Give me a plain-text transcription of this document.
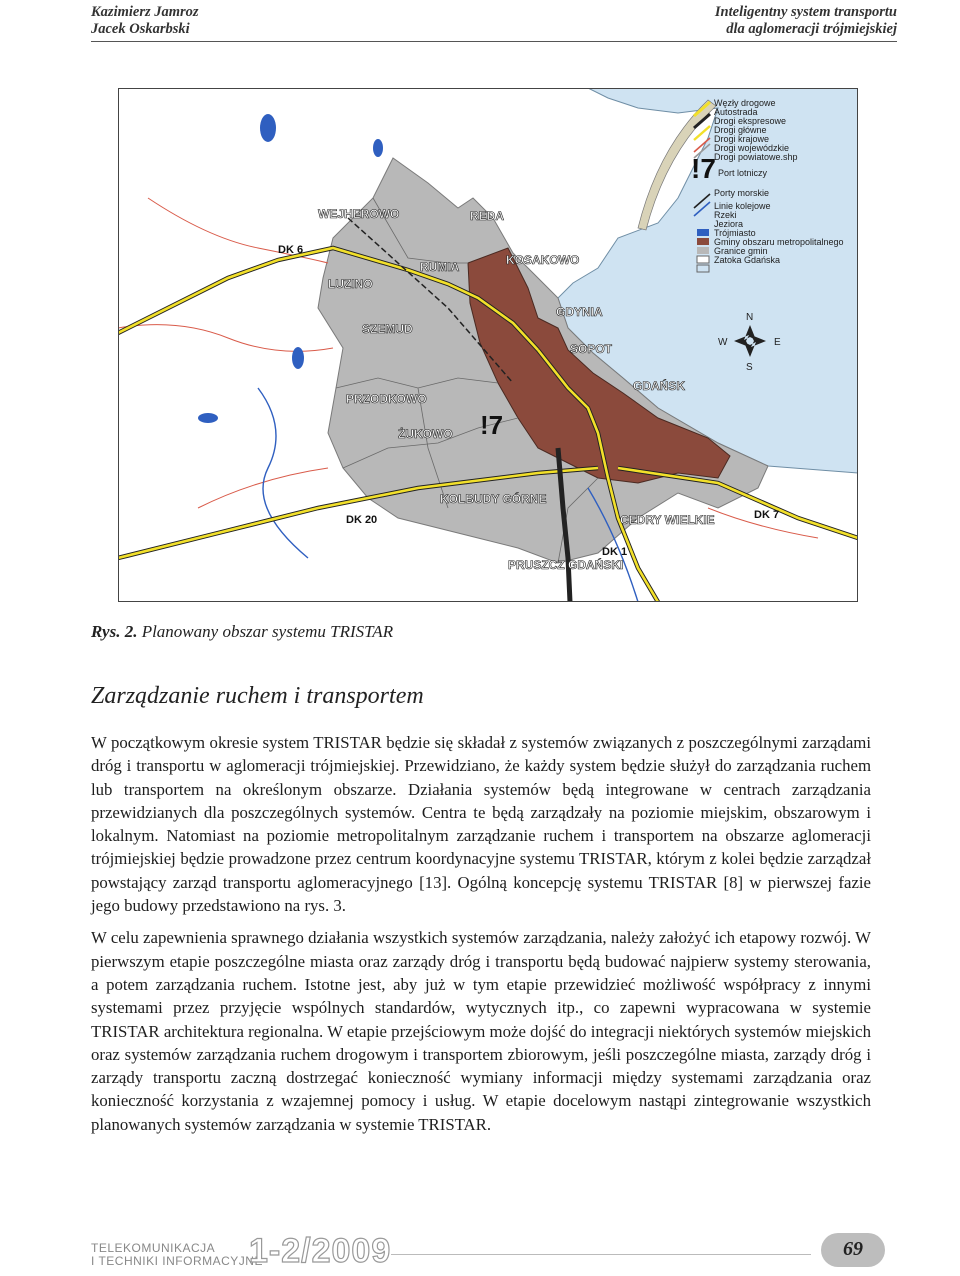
Kazimierz Jamroz
Jacek Oskarbski
Inteligentny system transportu
dla aglomeracji trójmiejskiej
WEJHEROWO	REDA
RUMIA	KOSAKOWO
LUZINO
GDYNIA
SZEMUD
SOPOT
PRZODKOWO
GDAŃSK
ŻUKOWO
KOLBUDY GÓRNE
CEDRY WIELKIE
PRUSZCZ GDAŃSKI
DK 6
DK 20	DK 7
DK 1
!7
Węzły drogowe
Autostrada
Drogi ekspresowe
Drogi główne
Drogi krajowe
Drogi wojewódzkie
Drogi powiatowe.shp
Port lotniczy
Porty morskie
Linie kolejowe
Rzeki
Jeziora
Trójmiasto
Gminy obszaru metropolitalnego
Granice gmin
Zatoka Gdańska
N
S
E
W
!7
Rys. 2. Planowany obszar systemu TRISTAR
Zarządzanie ruchem i transportem

W początkowym okresie system TRISTAR będzie się składał z systemów związanych z poszczególnymi zarządami dróg i transportu w aglomeracji trójmiejskiej. Przewidziano, że każdy system będzie służył do zarządzania ruchem lub transportem na określonym obszarze. Działania systemów będą integrowane w centrach zarządzania przewidzianych dla poszczególnych systemów. Centra te będą zarządzały na poziomie miejskim, obszarowym i lokalnym. Natomiast na poziomie metropolitalnym zarządzanie ruchem i transportem na obszarze aglomeracji trójmiejskiej będzie prowadzone przez centrum koordynacyjne systemu TRISTAR, którym z kolei będzie zarządzał powstający zarząd transportu aglomeracyjnego [13]. Ogólną koncepcję systemu TRISTAR [8] w pierwszej fazie jego budowy przedstawiono na rys. 3.

W celu zapewnienia sprawnego działania wszystkich systemów zarządzania, należy założyć ich etapowy rozwój. W pierwszym etapie poszczególne miasta oraz zarządy dróg i transportu będą budować najpierw systemy sterowania, a potem zarządzania ruchem. Istotne jest, aby już w tym etapie przewidzieć możliwość współpracy z innymi systemami przez przyjęcie wspólnych standardów, wytycznych itp., co zapewni wypracowana w systemie TRISTAR architektura regionalna. W etapie przejściowym może dojść do integracji niektórych systemów miejskich oraz systemów zarządzania ruchem drogowym i transportem zbiorowym, jeśli poszczególne miasta, zarządy dróg i zarządy transportu zaczną dostrzegać konieczność wymiany informacji między systemami zarządzania oraz konieczność korzystania z wzajemnej pomocy i usług. W etapie docelowym nastąpi zintegrowanie wszystkich planowanych systemów zarządzania w systemie TRISTAR.

TELEKOMUNIKACJA
I TECHNIKI INFORMACYJNE
1-2/2009	69
